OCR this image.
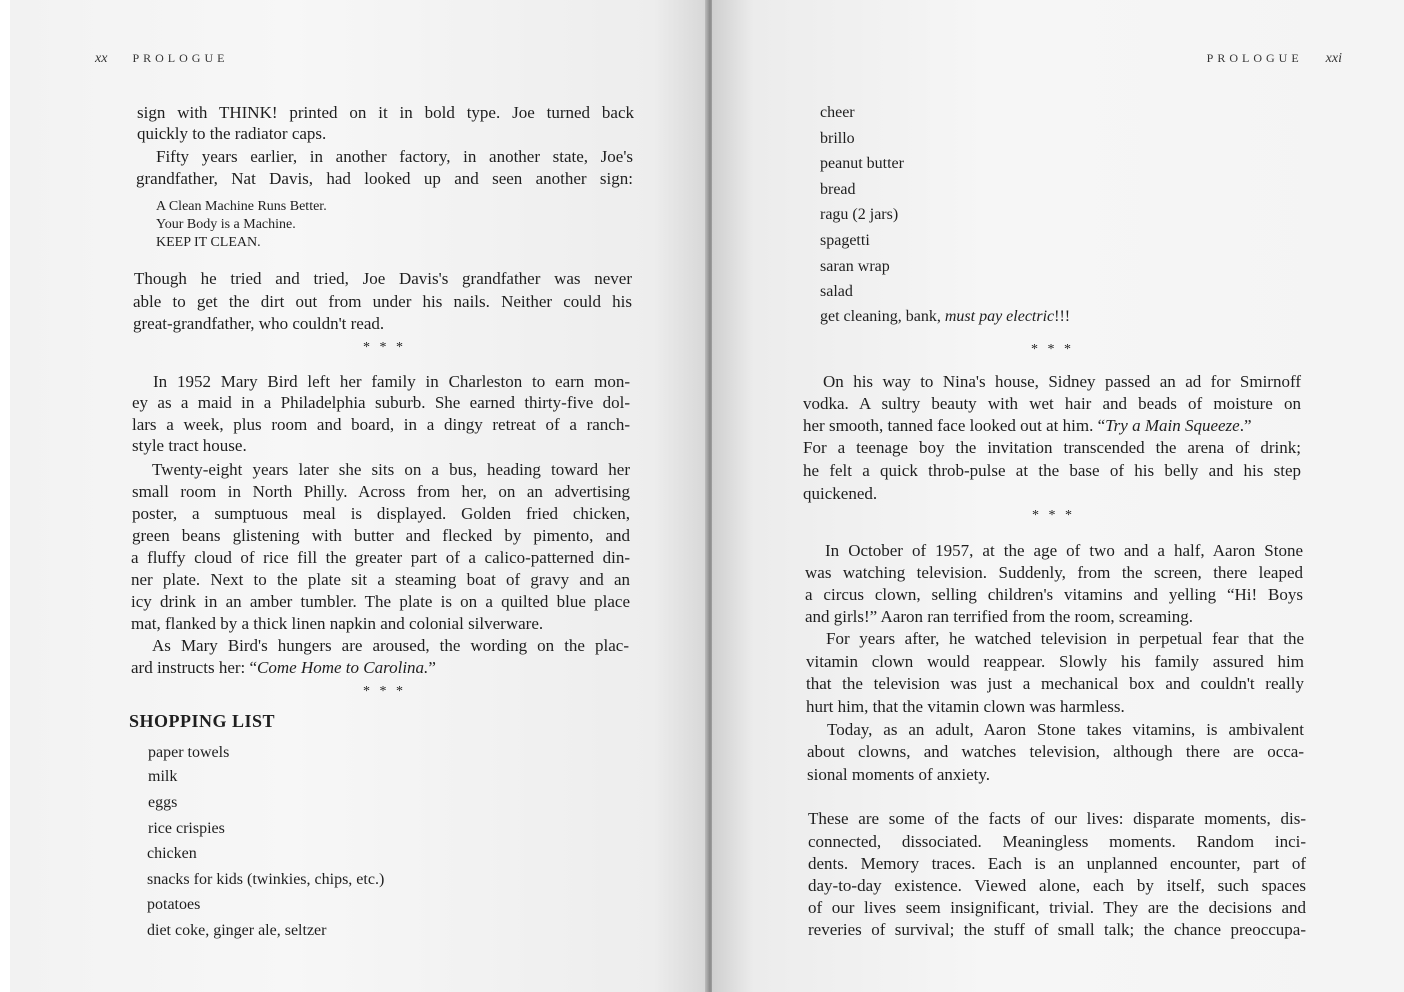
xx PROLOGUE
sign with THINK! printed on it in bold type. Joe turned back
quickly to the radiator caps.
Fifty years earlier, in another factory, in another state, Joe's
grandfather, Nat Davis, had looked up and seen another sign:
A Clean Machine Runs Better.
Your Body is a Machine.
KEEP IT CLEAN.
Though he tried and tried, Joe Davis's grandfather was never
able to get the dirt out from under his nails. Neither could his
great-grandfather, who couldn't read.
* * *
In 1952 Mary Bird left her family in Charleston to earn mon-
ey as a maid in a Philadelphia suburb. She earned thirty-five dol-
lars a week, plus room and board, in a dingy retreat of a ranch-
style tract house.
Twenty-eight years later she sits on a bus, heading toward her
small room in North Philly. Across from her, on an advertising
poster, a sumptuous meal is displayed. Golden fried chicken,
green beans glistening with butter and flecked by pimento, and
a fluffy cloud of rice fill the greater part of a calico-patterned din-
ner plate. Next to the plate sit a steaming boat of gravy and an
icy drink in an amber tumbler. The plate is on a quilted blue place
mat, flanked by a thick linen napkin and colonial silverware.
As Mary Bird's hungers are aroused, the wording on the plac-
ard instructs her: “Come Home to Carolina.”
* * *
SHOPPING LIST
paper towels
milk
eggs
rice crispies
chicken
snacks for kids (twinkies, chips, etc.)
potatoes
diet coke, ginger ale, seltzer
PROLOGUE xxi
cheer
brillo
peanut butter
bread
ragu (2 jars)
spagetti
saran wrap
salad
get cleaning, bank, must pay electric!!!
* * *
On his way to Nina's house, Sidney passed an ad for Smirnoff
vodka. A sultry beauty with wet hair and beads of moisture on
her smooth, tanned face looked out at him. “Try a Main Squeeze.”
For a teenage boy the invitation transcended the arena of drink;
he felt a quick throb-pulse at the base of his belly and his step
quickened.
* * *
In October of 1957, at the age of two and a half, Aaron Stone
was watching television. Suddenly, from the screen, there leaped
a circus clown, selling children's vitamins and yelling “Hi! Boys
and girls!” Aaron ran terrified from the room, screaming.
For years after, he watched television in perpetual fear that the
vitamin clown would reappear. Slowly his family assured him
that the television was just a mechanical box and couldn't really
hurt him, that the vitamin clown was harmless.
Today, as an adult, Aaron Stone takes vitamins, is ambivalent
about clowns, and watches television, although there are occa-
sional moments of anxiety.
These are some of the facts of our lives: disparate moments, dis-
connected, dissociated. Meaningless moments. Random inci-
dents. Memory traces. Each is an unplanned encounter, part of
day-to-day existence. Viewed alone, each by itself, such spaces
of our lives seem insignificant, trivial. They are the decisions and
reveries of survival; the stuff of small talk; the chance preoccupa-
